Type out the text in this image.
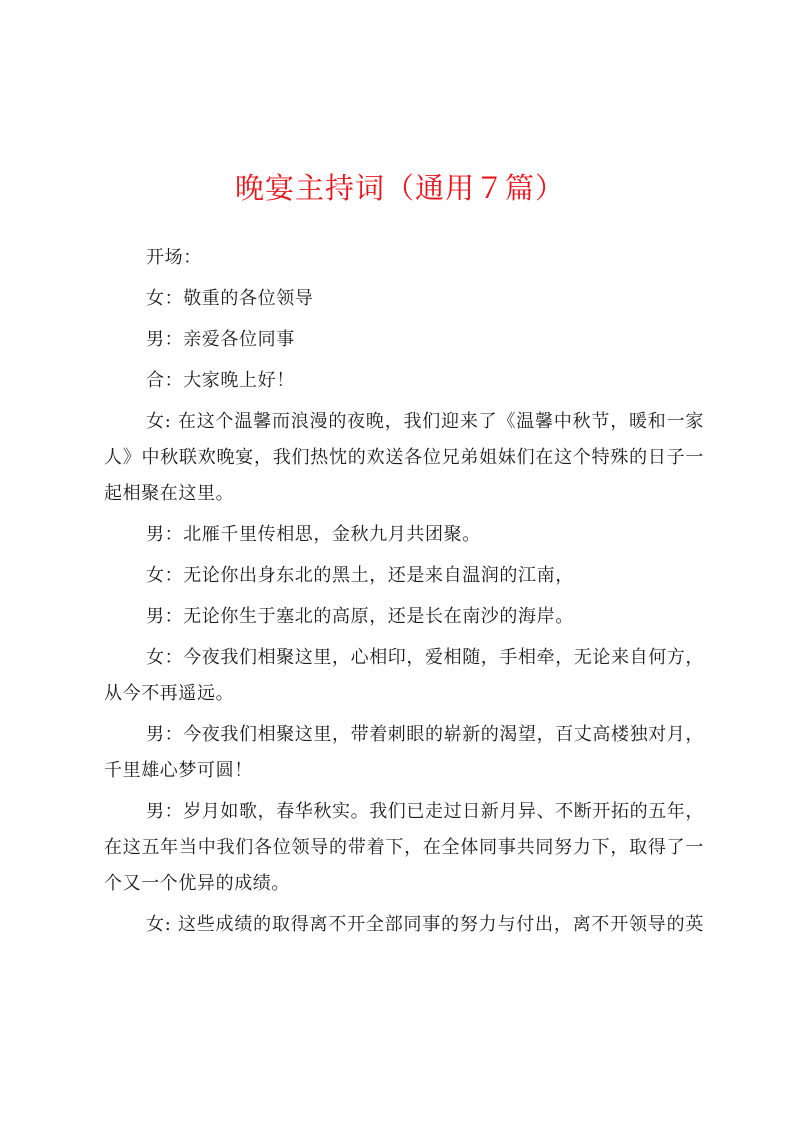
晚宴主持词（通用７篇）

开场：

女：敬重的各位领导

男：亲爱各位同事

合：大家晚上好！

女: 在这个温馨而浪漫的夜晚，我们迎来了《温馨中秋节，暖和一家
人》中秋联欢晚宴，我们热忱的欢送各位兄弟姐妹们在这个特殊的日子一
起相聚在这里。

男：北雁千里传相思，金秋九月共团聚。

女：无论你出身东北的黑土，还是来自温润的江南，

男：无论你生于塞北的高原，还是长在南沙的海岸。

女：今夜我们相聚这里，心相印，爱相随，手相牵，无论来自何方，
从今不再遥远。

男：今夜我们相聚这里，带着刺眼的崭新的渴望，百丈高楼独对月，
千里雄心梦可圆！

男：岁月如歌，春华秋实。我们已走过日新月异、不断开拓的五年，
在这五年当中我们各位领导的带着下，在全体同事共同努力下，取得了一
个又一个优异的成绩。

女: 这些成绩的取得离不开全部同事的努力与付出，离不开领导的英
